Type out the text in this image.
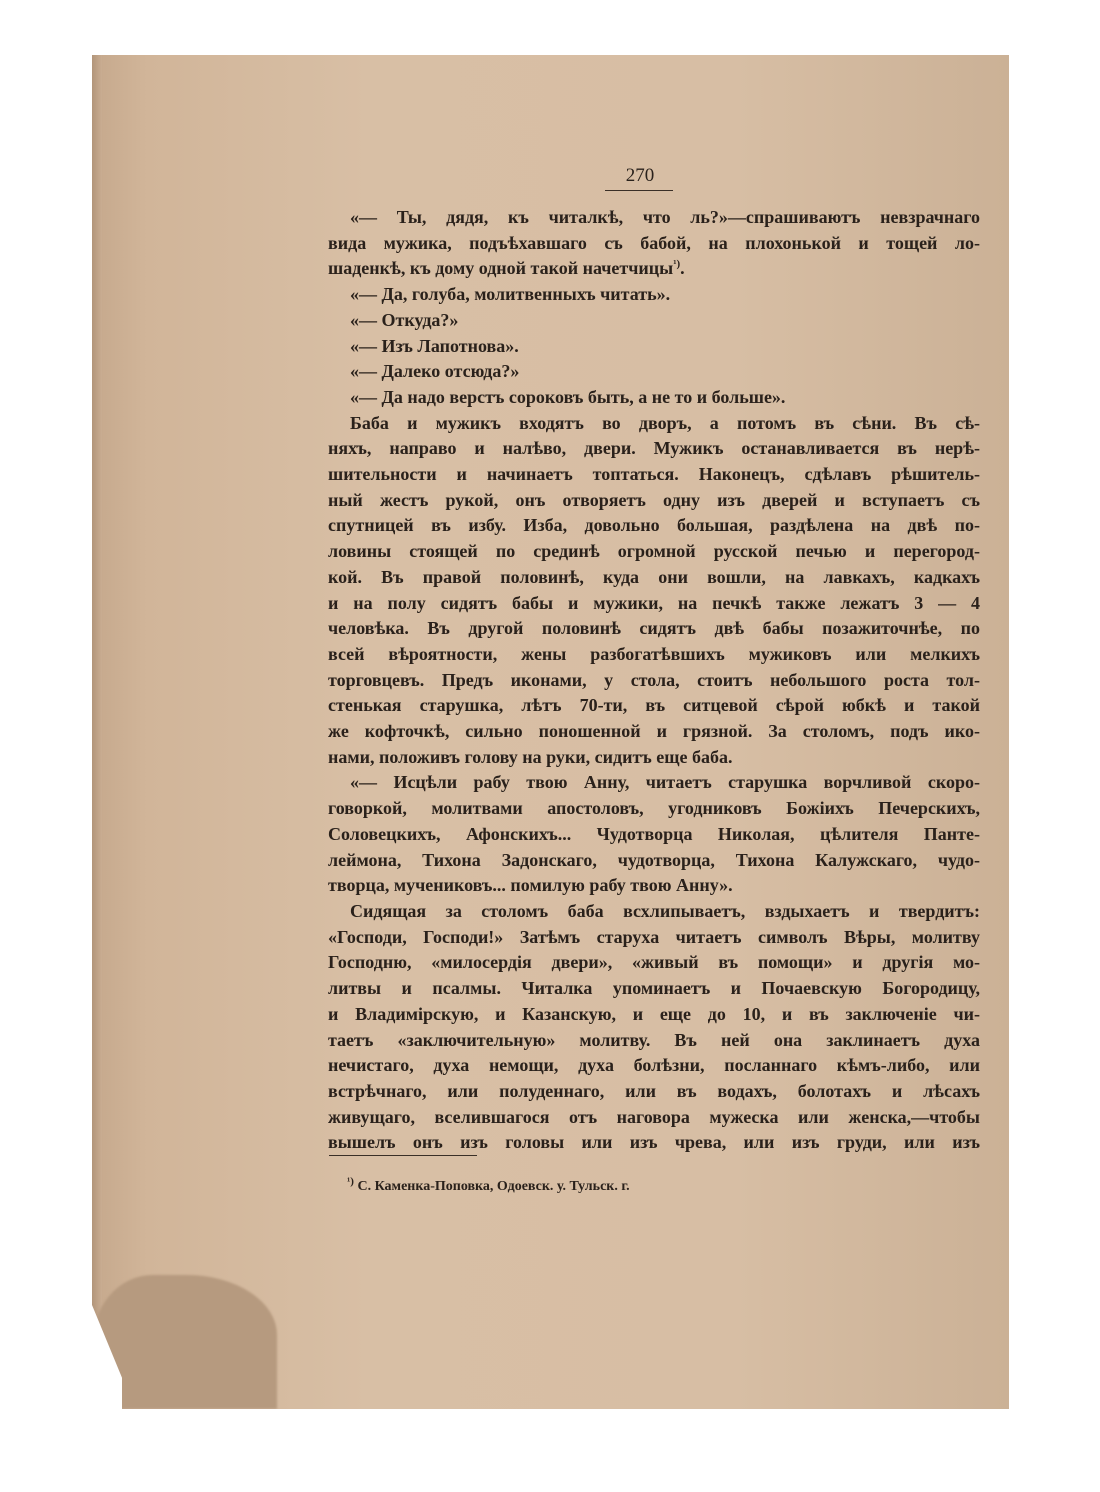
270
«— Ты, дядя, къ читалкѣ, что ль?»—спрашиваютъ невзрачнаго
вида мужика, подъѣхавшаго съ бабой, на плохонькой и тощей ло-
шаденкѣ, къ дому одной такой начетчицы$^{^1)}$.
«— Да, голуба, молитвенныхъ читать».
«— Откуда?»
«— Изъ Лапотнова».
«— Далеко отсюда?»
«— Да надо верстъ сороковъ быть, а не то и больше».
Баба и мужикъ входятъ во дворъ, а потомъ въ сѣни. Въ сѣ-
няхъ, направо и налѣво, двери. Мужикъ останавливается въ нерѣ-
шительности и начинаетъ топтаться. Наконецъ, сдѣлавъ рѣшитель-
ный жестъ рукой, онъ отворяетъ одну изъ дверей и вступаетъ съ
спутницей въ избу. Изба, довольно большая, раздѣлена на двѣ по-
ловины стоящей по срединѣ огромной русской печью и перегород-
кой. Въ правой половинѣ, куда они вошли, на лавкахъ, кадкахъ
и на полу сидятъ бабы и мужики, на печкѣ также лежатъ 3 — 4
человѣка. Въ другой половинѣ сидятъ двѣ бабы позажиточнѣе, по
всей вѣроятности, жены разбогатѣвшихъ мужиковъ или мелкихъ
торговцевъ. Предъ иконами, у стола, стоитъ небольшого роста тол-
стенькая старушка, лѣтъ 70-ти, въ ситцевой сѣрой юбкѣ и такой
же кофточкѣ, сильно поношенной и грязной. За столомъ, подъ ико-
нами, положивъ голову на руки, сидитъ еще баба.
«— Исцѣли рабу твою Анну, читаетъ старушка ворчливой скоро-
говоркой, молитвами апостоловъ, угодниковъ Божіихъ Печерскихъ,
Соловецкихъ, Афонскихъ... Чудотворца Николая, цѣлителя Панте-
леймона, Тихона Задонскаго, чудотворца, Тихона Калужскаго, чудо-
творца, мучениковъ... помилую рабу твою Анну».
Сидящая за столомъ баба всхлипываетъ, вздыхаетъ и твердитъ:
«Господи, Господи!» Затѣмъ старуха читаетъ символъ Вѣры, молитву
Господню, «милосердія двери», «живый въ помощи» и другія мо-
литвы и псалмы. Читалка упоминаетъ и Почаевскую Богородицу,
и Владимірскую, и Казанскую, и еще до 10, и въ заключеніе чи-
таетъ «заключительную» молитву. Въ ней она заклинаетъ духа
нечистаго, духа немощи, духа болѣзни, посланнаго кѣмъ-либо, или
встрѣчнаго, или полуденнаго, или въ водахъ, болотахъ и лѣсахъ
живущаго, вселившагося отъ наговора мужеска или женска,—чтобы
вышелъ онъ изъ головы или изъ чрева, или изъ груди, или изъ
$^{^1)}$ С. Каменка-Поповка, Одоевск. у. Тульск. г.
